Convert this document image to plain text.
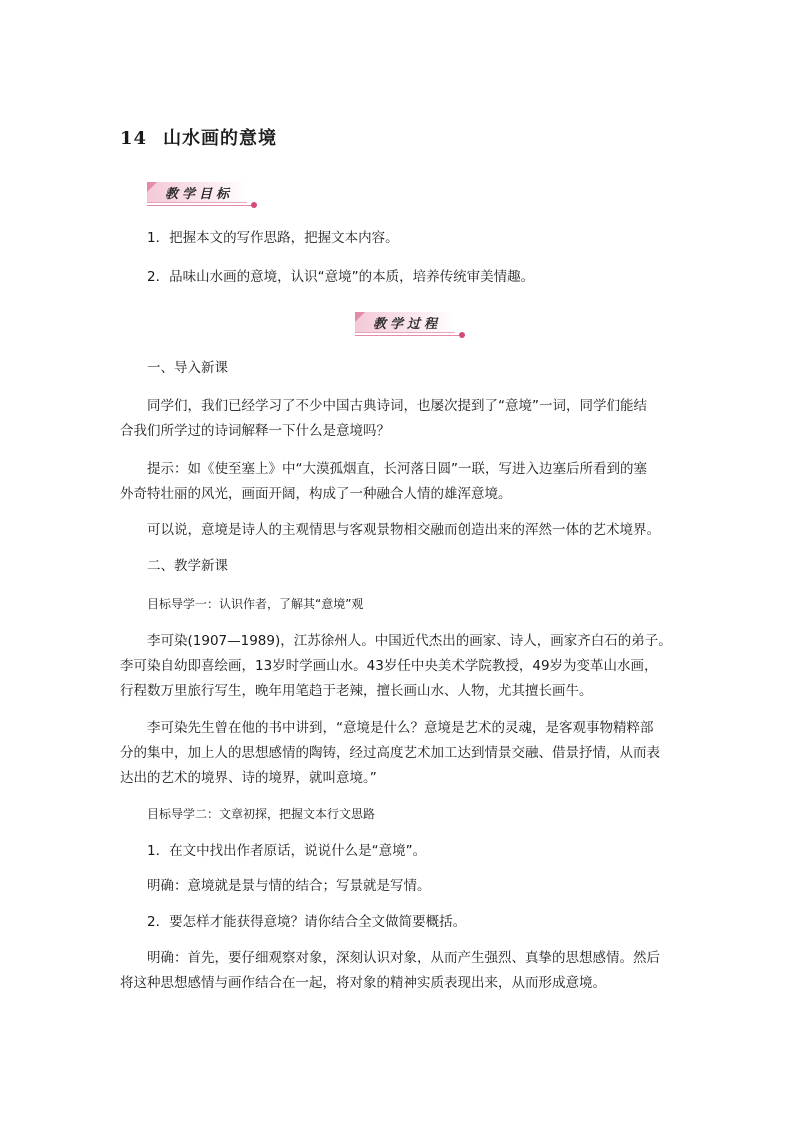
14 山水画的意境
教学目标
1．把握本文的写作思路，把握文本内容。
2．品味山水画的意境，认识“意境”的本质，培养传统审美情趣。
教学过程
一、导入新课
同学们，我们已经学习了不少中国古典诗词，也屡次提到了“意境”一词，同学们能结
合我们所学过的诗词解释一下什么是意境吗？
提示：如《使至塞上》中“大漠孤烟直，长河落日圆”一联，写进入边塞后所看到的塞
外奇特壮丽的风光，画面开阔，构成了一种融合人情的雄浑意境。
可以说，意境是诗人的主观情思与客观景物相交融而创造出来的浑然一体的艺术境界。
二、教学新课
目标导学一：认识作者，了解其“意境”观
李可染(1907—1989)，江苏徐州人。中国近代杰出的画家、诗人，画家齐白石的弟子。
李可染自幼即喜绘画，13岁时学画山水。43岁任中央美术学院教授，49岁为变革山水画，
行程数万里旅行写生，晚年用笔趋于老辣，擅长画山水、人物，尤其擅长画牛。
李可染先生曾在他的书中讲到，“意境是什么？意境是艺术的灵魂，是客观事物精粹部
分的集中，加上人的思想感情的陶铸，经过高度艺术加工达到情景交融、借景抒情，从而表
达出的艺术的境界、诗的境界，就叫意境。”
目标导学二：文章初探，把握文本行文思路
1．在文中找出作者原话，说说什么是“意境”。
明确：意境就是景与情的结合；写景就是写情。
2．要怎样才能获得意境？请你结合全文做简要概括。
明确：首先，要仔细观察对象，深刻认识对象，从而产生强烈、真挚的思想感情。然后
将这种思想感情与画作结合在一起，将对象的精神实质表现出来，从而形成意境。
